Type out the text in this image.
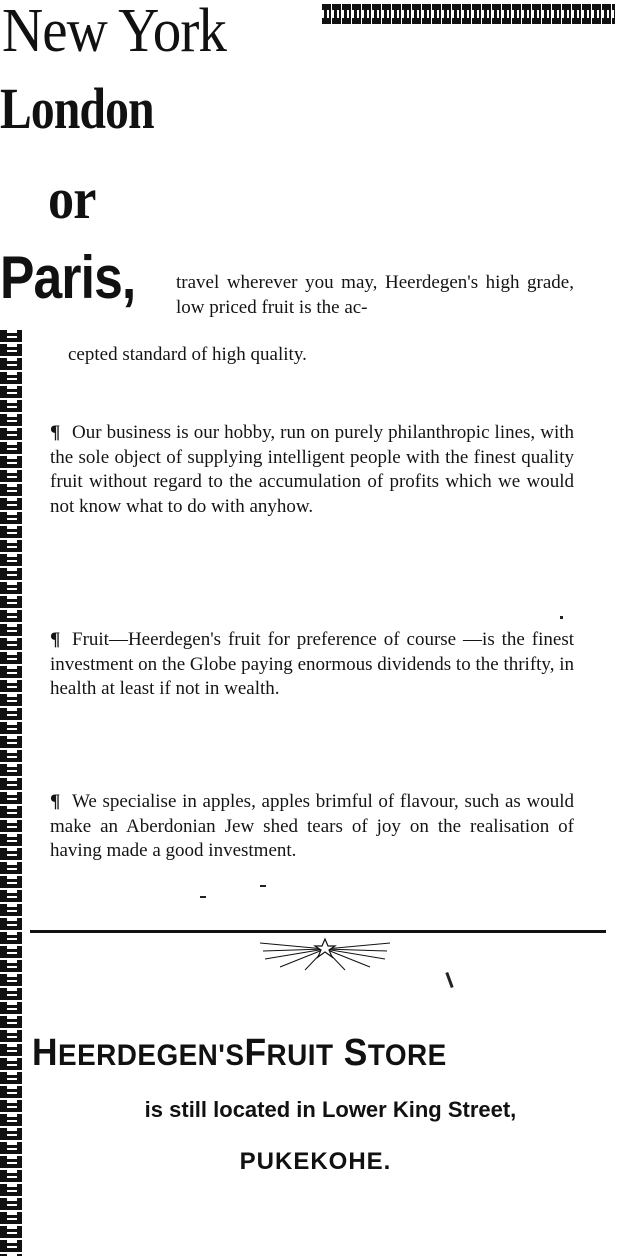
New York
London
or
Paris, travel wherever you may, Heerdegen's high grade, low priced fruit is the ac-
cepted standard of high quality.
¶ Our business is our hobby, run on purely philanthropic lines, with the sole object of supplying intelligent people with the finest quality fruit without regard to the accumulation of profits which we would not know what to do with anyhow.
¶ Fruit—Heerdegen's fruit for preference of course —is the finest investment on the Globe paying enormous dividends to the thrifty, in health at least if not in wealth.
¶ We specialise in apples, apples brimful of flavour, such as would make an Aberdonian Jew shed tears of joy on the realisation of having made a good investment.
HEERDEGEN'SFRUIT STORE
is still located in Lower King Street,
PUKEKOHE.
